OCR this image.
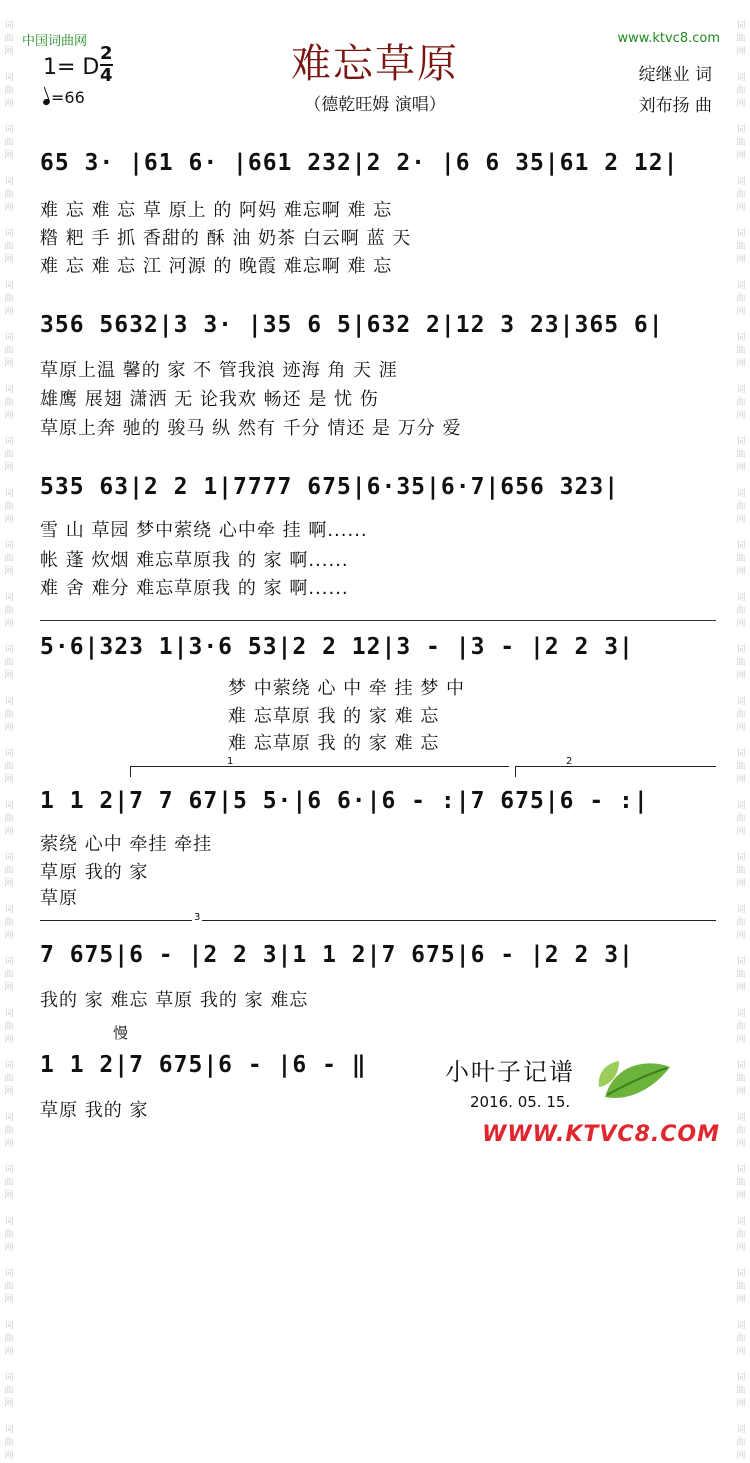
词
曲
网

词
曲
网

词
曲
网

词
曲
网

词
曲
网

词
曲
网

词
曲
网

词
曲
网

词
曲
网

词
曲
网

词
曲
网

词
曲
网

词
曲
网

词
曲
网

词
曲
网

词
曲
网

词
曲
网

词
曲
网

词
曲
网

词
曲
网

词
曲
网

词
曲
网

词
曲
网

词
曲
网

词
曲
网

词
曲
网

词
曲
网

词
曲
网

词
曲
网

词
曲
网

词
曲
网

词
曲
网

词
曲
网

词
曲
网

词
曲
网

词
曲
网

词
曲
网

词
曲
网

词
曲
网

词
曲
网

词
曲
网

词
曲
网

词
曲
网

词
曲
网

词
曲
网

词
曲
网

词
曲
网

词
曲
网

词
曲
网

词
曲
网

词
曲
网

词
曲
网

词
曲
网

词
曲
网

词
曲
网

词
曲
网

中国词曲网	www.ktvc8.com
难忘草原
（德乾旺姆 演唱）
1= D
2
4
=66
绽继业 词
刘布扬 曲
65 3· |61 6· |661 232|2 2· |6 6 35|61 2 12|
难 忘 难 忘 草 原上 的 阿妈 难忘啊 难 忘
糌 粑 手 抓 香甜的 酥 油 奶茶 白云啊 蓝 天
难 忘 难 忘 江 河源 的 晚霞 难忘啊 难 忘
356 5632|3 3· |35 6 5|632 2|12 3 23|365 6|
草原上温 馨的 家 不 管我浪 迹海 角 天 涯
雄鹰 展翅 潇洒 无 论我欢 畅还 是 忧 伤
草原上奔 驰的 骏马 纵 然有 千分 情还 是 万分 爱
535 63|2 2 1|7777 675|6·35|6·7|656 323|
雪 山 草园 梦中萦绕 心中牵 挂 啊......
帐 蓬 炊烟 难忘草原我 的 家 啊......
难 舍 难分 难忘草原我 的 家 啊......
5·6|323 1|3·6 53|2 2 12|3 - |3 - |2 2 3|
梦 中萦绕 心 中 牵 挂 梦 中
难 忘草原 我 的 家 难 忘
难 忘草原 我 的 家 难 忘
1	2
1 1 2|7 7 67|5 5·|6 6·|6 - :|7 675|6 - :|
萦绕 心中 牵挂 牵挂
草原 我的 家
草原
3
7 675|6 - |2 2 3|1 1 2|7 675|6 - |2 2 3|
我的 家 难忘 草原 我的 家 难忘
慢
1 1 2|7 675|6 - |6 - ‖
草原 我的 家
小叶子记谱
2016. 05. 15.
WWW.KTVC8.COM
